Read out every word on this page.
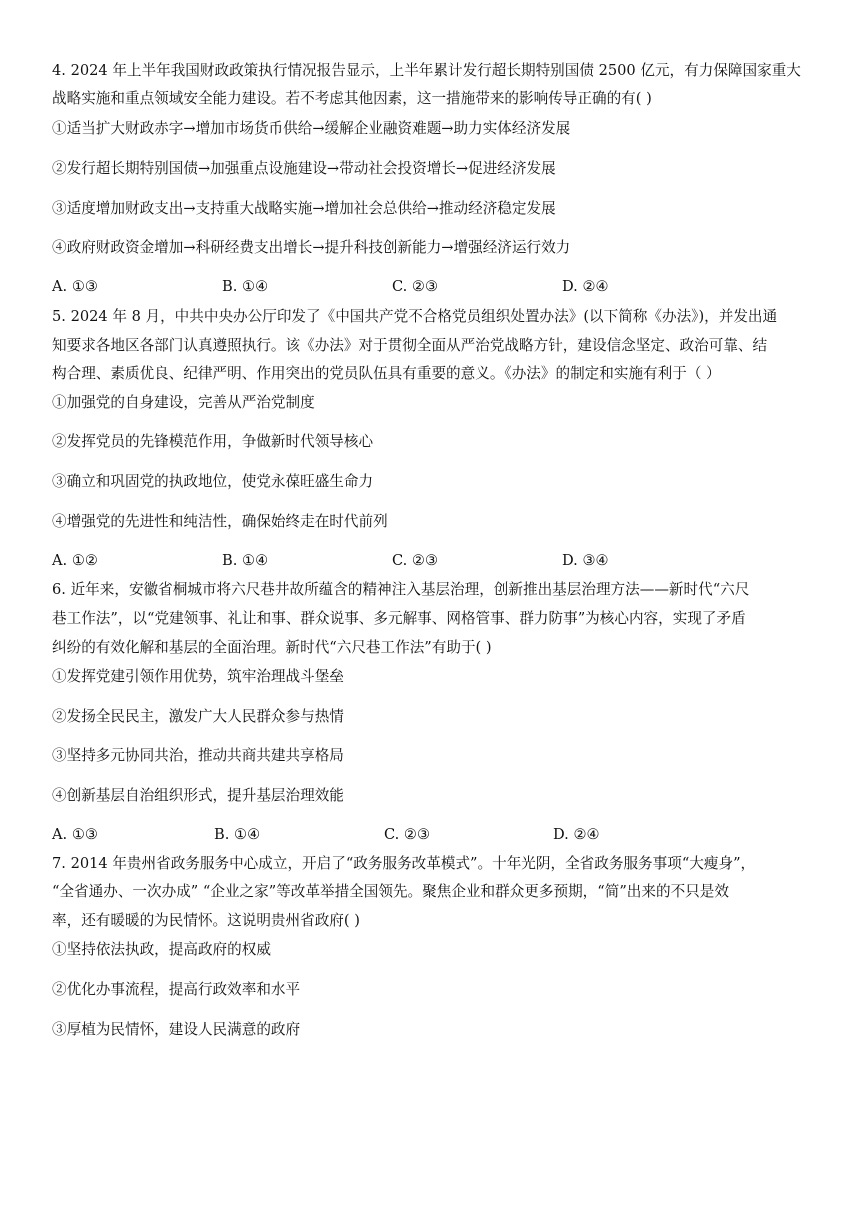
4. 2024 年上半年我国财政政策执行情况报告显示，上半年累计发行超长期特别国债 2500 亿元，有力保障国家重大
战略实施和重点领域安全能力建设。若不考虑其他因素，这一措施带来的影响传导正确的有( )
①适当扩大财政赤字→增加市场货币供给→缓解企业融资难题→助力实体经济发展
②发行超长期特别国债→加强重点设施建设→带动社会投资增长→促进经济发展
③适度增加财政支出→支持重大战略实施→增加社会总供给→推动经济稳定发展
④政府财政资金增加→科研经费支出增长→提升科技创新能力→增强经济运行效力
A. ①③	B. ①④	C. ②③	D. ②④
5. 2024 年 8 月，中共中央办公厅印发了《中国共产党不合格党员组织处置办法》(以下简称《办法》)，并发出通
知要求各地区各部门认真遵照执行。该《办法》对于贯彻全面从严治党战略方针，建设信念坚定、政治可靠、结
构合理、素质优良、纪律严明、作用突出的党员队伍具有重要的意义。《办法》的制定和实施有利于（ ）
①加强党的自身建设，完善从严治党制度
②发挥党员的先锋模范作用，争做新时代领导核心
③确立和巩固党的执政地位，使党永葆旺盛生命力
④增强党的先进性和纯洁性，确保始终走在时代前列
A. ①②	B. ①④	C. ②③	D. ③④
6. 近年来，安徽省桐城市将六尺巷井故所蕴含的精神注入基层治理，创新推出基层治理方法——新时代“六尺
巷工作法”，以“党建领事、礼让和事、群众说事、多元解事、网格管事、群力防事”为核心内容，实现了矛盾
纠纷的有效化解和基层的全面治理。新时代“六尺巷工作法”有助于( )
①发挥党建引领作用优势，筑牢治理战斗堡垒
②发扬全民民主，激发广大人民群众参与热情
③坚持多元协同共治，推动共商共建共享格局
④创新基层自治组织形式，提升基层治理效能
A. ①③	B. ①④	C. ②③	D. ②④
7. 2014 年贵州省政务服务中心成立，开启了“政务服务改革模式”。十年光阴，全省政务服务事项“大瘦身”，
“全省通办、一次办成” “企业之家”等改革举措全国领先。聚焦企业和群众更多预期，“简”出来的不只是效
率，还有暖暖的为民情怀。这说明贵州省政府( )
①坚持依法执政，提高政府的权威
②优化办事流程，提高行政效率和水平
③厚植为民情怀，建设人民满意的政府
